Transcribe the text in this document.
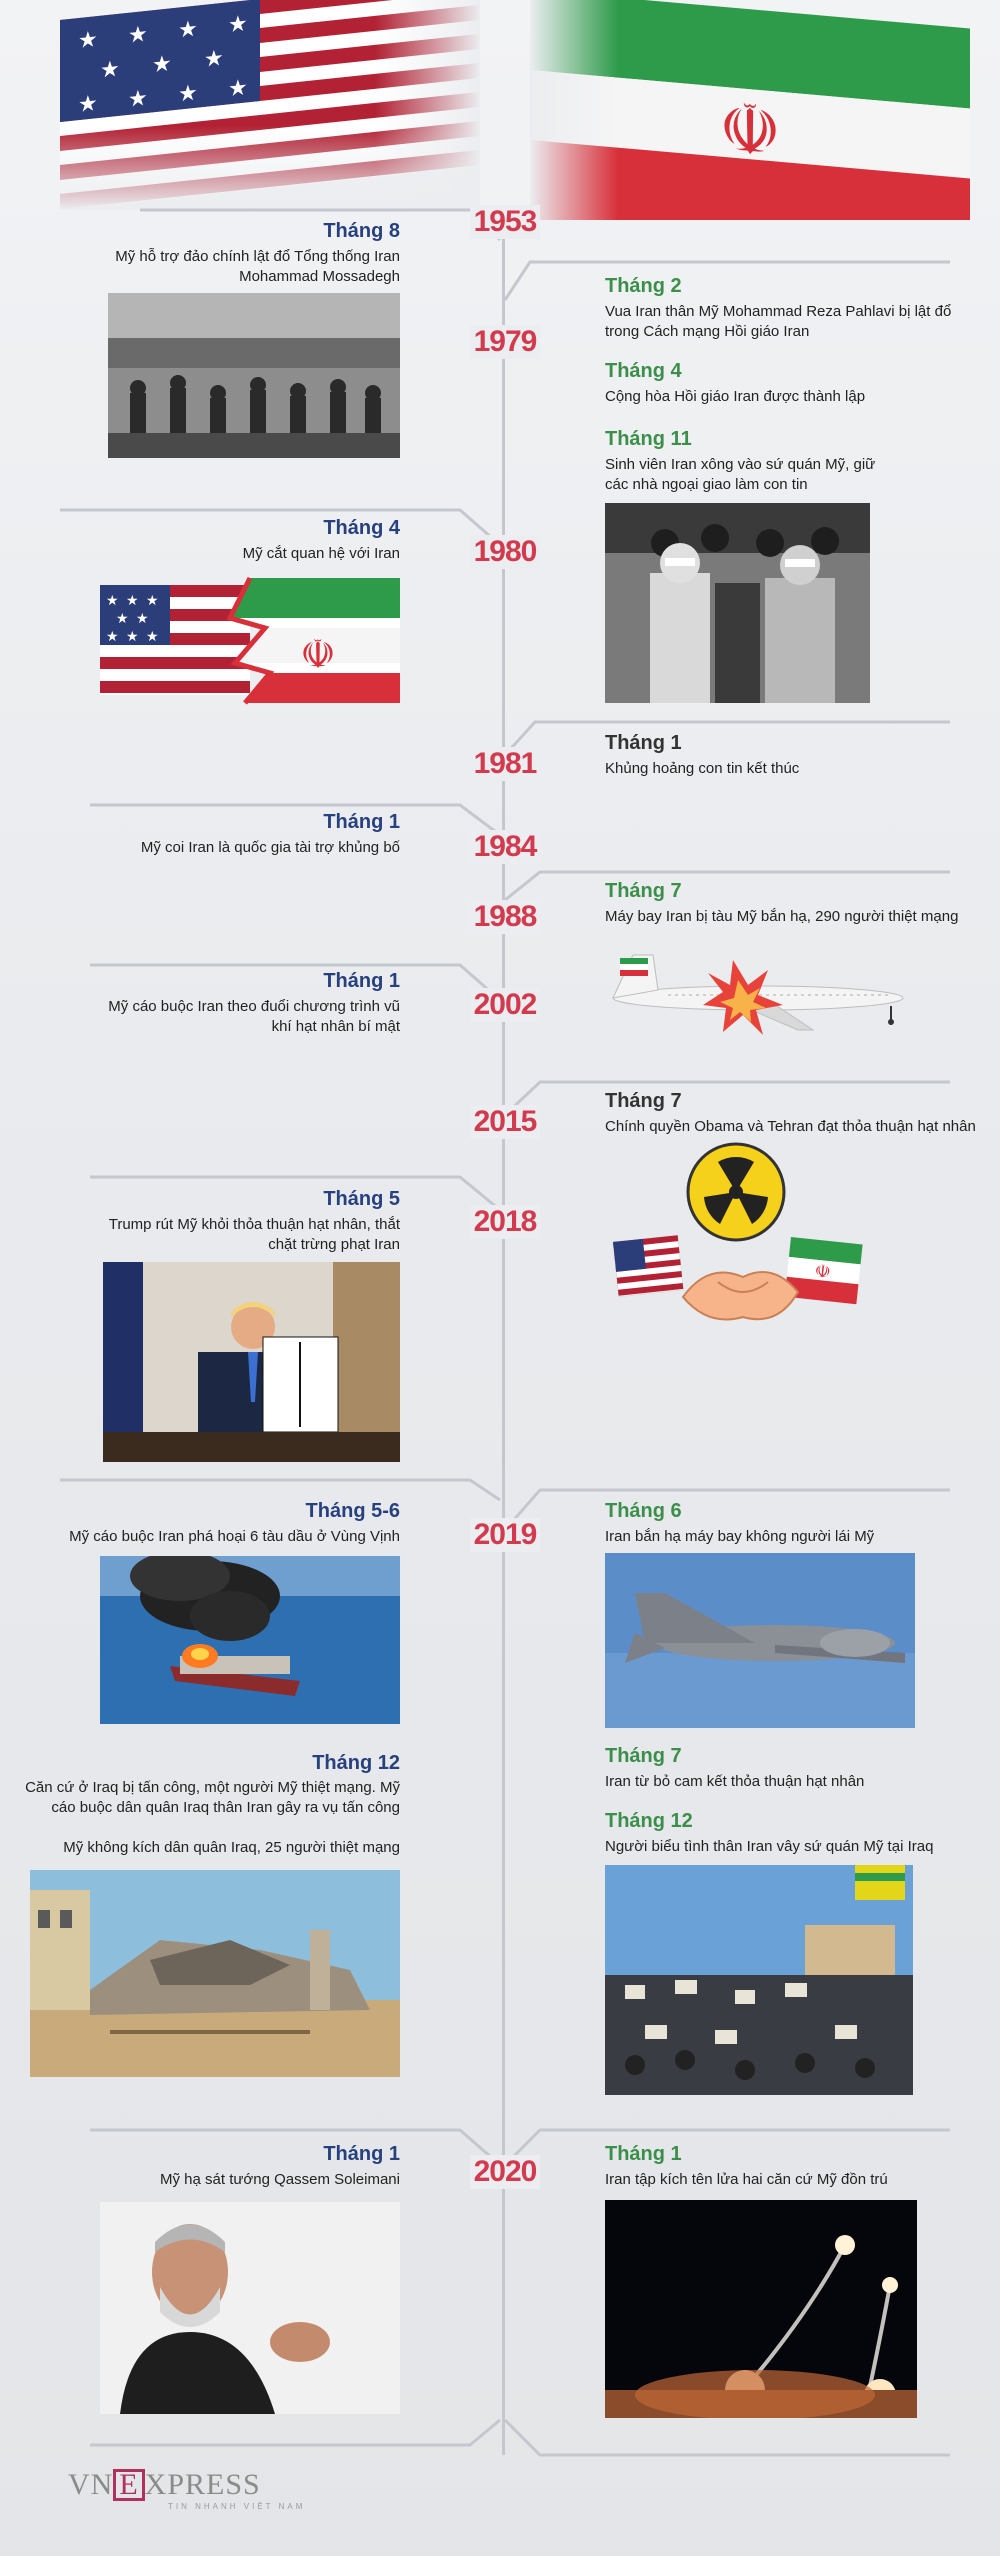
1953
1979
1980
1981
1984
1988
2002
2015
2018
2019
2020
Tháng 8
Mỹ hỗ trợ đảo chính lật đổ Tổng thống Iran Mohammad Mossadegh	Tháng 2
Vua Iran thân Mỹ Mohammad Reza Pahlavi bị lật đổ trong Cách mạng Hồi giáo Iran
Tháng 4
Cộng hòa Hồi giáo Iran được thành lập
Tháng 11
Sinh viên Iran xông vào sứ quán Mỹ, giữ các nhà ngoại giao làm con tin
Tháng 4
Mỹ cắt quan hệ với Iran
★ ★ ★
★ ★
★ ★ ★	☫
Tháng 1
Khủng hoảng con tin kết thúc
Tháng 1
Mỹ coi Iran là quốc gia tài trợ khủng bố
Tháng 7
Máy bay Iran bị tàu Mỹ bắn hạ, 290 người thiệt mạng
Tháng 1
Mỹ cáo buộc Iran theo đuổi chương trình vũ khí hạt nhân bí mật
Tháng 7
Chính quyền Obama và Tehran đạt thỏa thuận hạt nhân
☫
Tháng 5
Trump rút Mỹ khỏi thỏa thuận hạt nhân, thắt chặt trừng phạt Iran
Tháng 5-6
Mỹ cáo buộc Iran phá hoại 6 tàu dầu ở Vùng Vịnh
Tháng 12
Căn cứ ở Iraq bị tấn công, một người Mỹ thiệt mạng. Mỹ cáo buộc dân quân Iraq thân Iran gây ra vụ tấn công
Mỹ không kích dân quân Iraq, 25 người thiệt mạng
Tháng 6
Iran bắn hạ máy bay không người lái Mỹ
Tháng 7
Iran từ bỏ cam kết thỏa thuận hạt nhân
Tháng 12
Người biểu tình thân Iran vây sứ quán Mỹ tại Iraq
Tháng 1
Mỹ hạ sát tướng Qassem Soleimani
Tháng 1
Iran tập kích tên lửa hai căn cứ Mỹ đồn trú
VN E XPRESS
TIN NHANH VIỆT NAM
